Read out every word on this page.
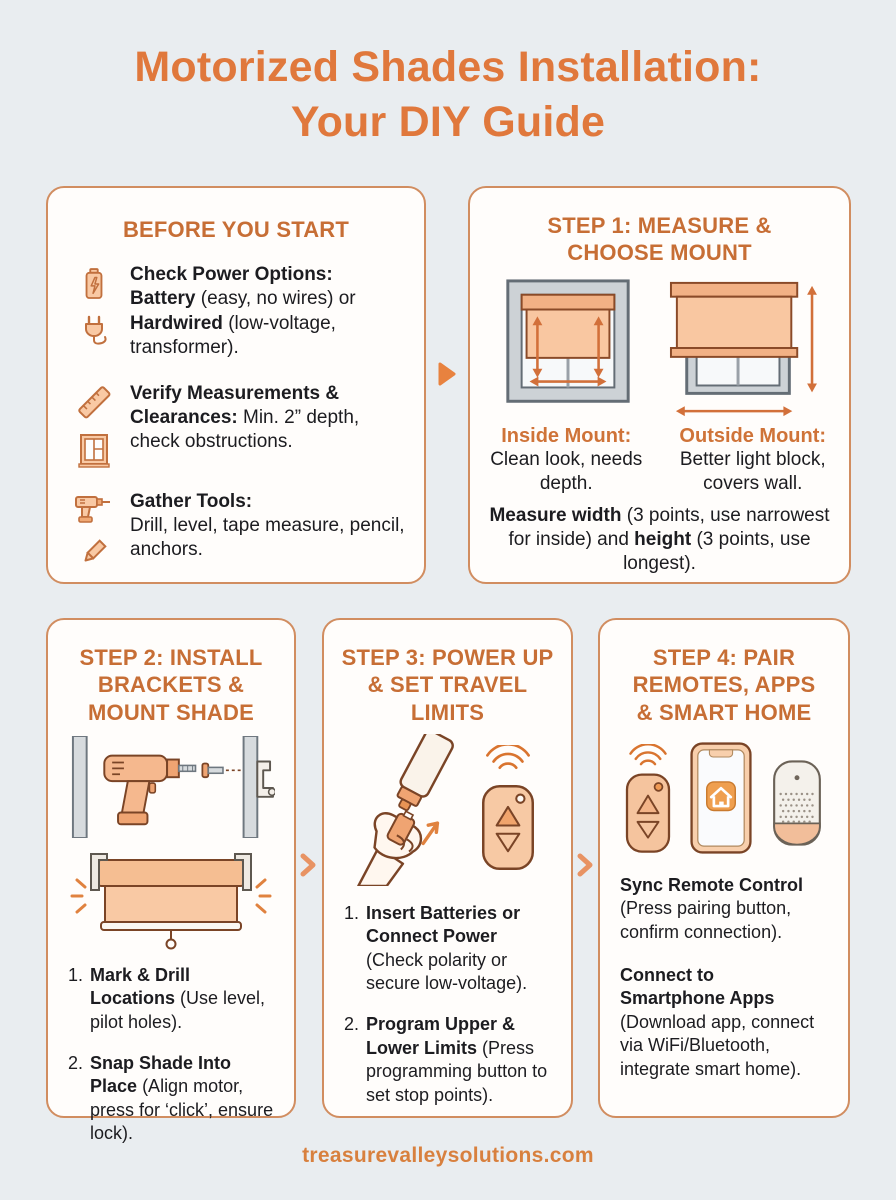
Motorized Shades Installation:
Your DIY Guide
BEFORE YOU START
Check Power Options:
Battery (easy, no wires) or Hardwired (low-voltage, transformer).
Verify Measurements & Clearances: Min. 2” depth, check obstructions.
Gather Tools:
Drill, level, tape measure, pencil, anchors.
STEP 1: MEASURE &
CHOOSE MOUNT
Inside Mount:
Clean look, needs depth.
Outside Mount:
Better light block, covers wall.
Measure width (3 points, use narrowest for inside) and height (3 points, use longest).
STEP 2: INSTALL
BRACKETS &
MOUNT SHADE
1. Mark & Drill Locations (Use level, pilot holes).
2. Snap Shade Into Place (Align motor, press for ‘click’, ensure lock).
STEP 3: POWER UP
& SET TRAVEL
LIMITS
1. Insert Batteries or Connect Power (Check polarity or secure low-voltage).
2. Program Upper & Lower Limits (Press programming button to set stop points).
STEP 4: PAIR
REMOTES, APPS
& SMART HOME
Sync Remote Control (Press pairing button, confirm connection).
Connect to
Smartphone Apps (Download app, connect via WiFi/Bluetooth, integrate smart home).
treasurevalleysolutions.com
